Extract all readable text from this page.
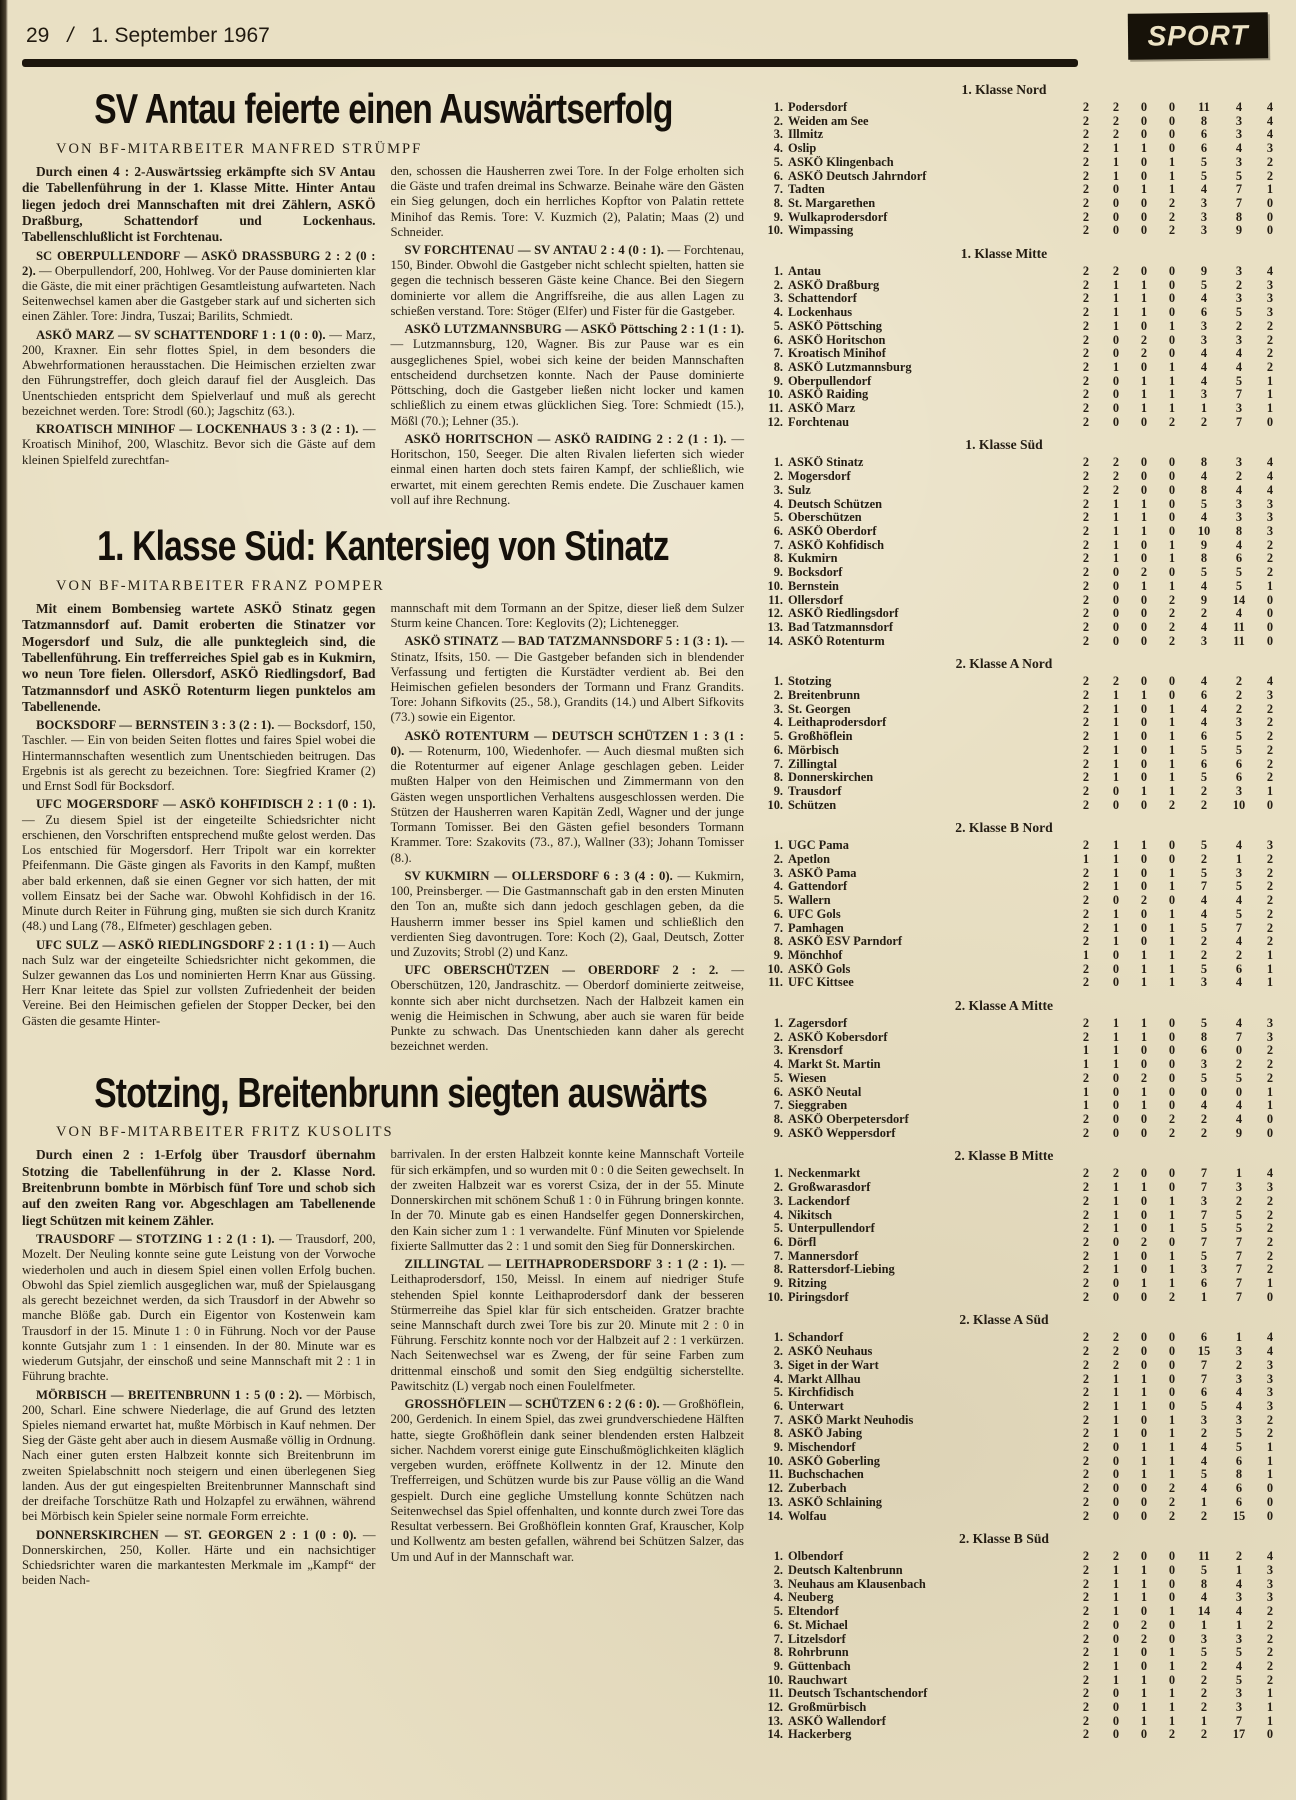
29 / 1. September 1967	SPORT
SV Antau feierte einen Auswärtserfolg
VON BF-MITARBEITER MANFRED STRÜMPF

Durch einen 4 : 2-Auswärtssieg erkämpfte sich SV Antau die Tabellenführung in der 1. Klasse Mitte. Hinter Antau liegen jedoch drei Mannschaften mit drei Zählern, ASKÖ Draßburg, Schattendorf und Lockenhaus. Tabellenschlußlicht ist Forchtenau.

SC OBERPULLENDORF — ASKÖ DRASSBURG 2 : 2 (0 : 2). — Oberpullendorf, 200, Hohlweg. Vor der Pause dominierten klar die Gäste, die mit einer prächtigen Gesamtleistung aufwarteten. Nach Seitenwechsel kamen aber die Gastgeber stark auf und sicherten sich einen Zähler. Tore: Jindra, Tuszai; Barilits, Schmiedt.

ASKÖ MARZ — SV SCHATTENDORF 1 : 1 (0 : 0). — Marz, 200, Kraxner. Ein sehr flottes Spiel, in dem besonders die Abwehrformationen herausstachen. Die Heimischen erzielten zwar den Führungstreffer, doch gleich darauf fiel der Ausgleich. Das Unentschieden entspricht dem Spielverlauf und muß als gerecht bezeichnet werden. Tore: Strodl (60.); Jagschitz (63.).

KROATISCH MINIHOF — LOCKENHAUS 3 : 3 (2 : 1). — Kroatisch Minihof, 200, Wlaschitz. Bevor sich die Gäste auf dem kleinen Spielfeld zurechtfan-

den, schossen die Hausherren zwei Tore. In der Folge erholten sich die Gäste und trafen dreimal ins Schwarze. Beinahe wäre den Gästen ein Sieg gelungen, doch ein herrliches Kopftor von Palatin rettete Minihof das Remis. Tore: V. Kuzmich (2), Palatin; Maas (2) und Schneider.

SV FORCHTENAU — SV ANTAU 2 : 4 (0 : 1). — Forchtenau, 150, Binder. Obwohl die Gastgeber nicht schlecht spielten, hatten sie gegen die technisch besseren Gäste keine Chance. Bei den Siegern dominierte vor allem die Angriffsreihe, die aus allen Lagen zu schießen verstand. Tore: Stöger (Elfer) und Fister für die Gastgeber.

ASKÖ LUTZMANNSBURG — ASKÖ Pöttsching 2 : 1 (1 : 1). — Lutzmannsburg, 120, Wagner. Bis zur Pause war es ein ausgeglichenes Spiel, wobei sich keine der beiden Mannschaften entscheidend durchsetzen konnte. Nach der Pause dominierte Pöttsching, doch die Gastgeber ließen nicht locker und kamen schließlich zu einem etwas glücklichen Sieg. Tore: Schmiedt (15.), Mößl (70.); Lehner (35.).

ASKÖ HORITSCHON — ASKÖ RAIDING 2 : 2 (1 : 1). — Horitschon, 150, Seeger. Die alten Rivalen lieferten sich wieder einmal einen harten doch stets fairen Kampf, der schließlich, wie erwartet, mit einem gerechten Remis endete. Die Zuschauer kamen voll auf ihre Rechnung.

1. Klasse Süd: Kantersieg von Stinatz
VON BF-MITARBEITER FRANZ POMPER

Mit einem Bombensieg wartete ASKÖ Stinatz gegen Tatzmannsdorf auf. Damit eroberten die Stinatzer vor Mogersdorf und Sulz, die alle punktegleich sind, die Tabellenführung. Ein trefferreiches Spiel gab es in Kukmirn, wo neun Tore fielen. Ollersdorf, ASKÖ Riedlingsdorf, Bad Tatzmannsdorf und ASKÖ Rotenturm liegen punktelos am Tabellenende.

BOCKSDORF — BERNSTEIN 3 : 3 (2 : 1). — Bocksdorf, 150, Taschler. — Ein von beiden Seiten flottes und faires Spiel wobei die Hintermannschaften wesentlich zum Unentschieden beitrugen. Das Ergebnis ist als gerecht zu bezeichnen. Tore: Siegfried Kramer (2) und Ernst Sodl für Bocksdorf.

UFC MOGERSDORF — ASKÖ KOHFIDISCH 2 : 1 (0 : 1). — Zu diesem Spiel ist der eingeteilte Schiedsrichter nicht erschienen, den Vorschriften entsprechend mußte gelost werden. Das Los entschied für Mogersdorf. Herr Tripolt war ein korrekter Pfeifenmann. Die Gäste gingen als Favorits in den Kampf, mußten aber bald erkennen, daß sie einen Gegner vor sich hatten, der mit vollem Einsatz bei der Sache war. Obwohl Kohfidisch in der 16. Minute durch Reiter in Führung ging, mußten sie sich durch Kranitz (48.) und Lang (78., Elfmeter) geschlagen geben.

UFC SULZ — ASKÖ RIEDLINGSDORF 2 : 1 (1 : 1) — Auch nach Sulz war der eingeteilte Schiedsrichter nicht gekommen, die Sulzer gewannen das Los und nominierten Herrn Knar aus Güssing. Herr Knar leitete das Spiel zur vollsten Zufriedenheit der beiden Vereine. Bei den Heimischen gefielen der Stopper Decker, bei den Gästen die gesamte Hinter-

mannschaft mit dem Tormann an der Spitze, dieser ließ dem Sulzer Sturm keine Chancen. Tore: Keglovits (2); Lichtenegger.

ASKÖ STINATZ — BAD TATZMANNSDORF 5 : 1 (3 : 1). — Stinatz, Ifsits, 150. — Die Gastgeber befanden sich in blendender Verfassung und fertigten die Kurstädter verdient ab. Bei den Heimischen gefielen besonders der Tormann und Franz Grandits. Tore: Johann Sifkovits (25., 58.), Grandits (14.) und Albert Sifkovits (73.) sowie ein Eigentor.

ASKÖ ROTENTURM — DEUTSCH SCHÜTZEN 1 : 3 (1 : 0). — Rotenurm, 100, Wiedenhofer. — Auch diesmal mußten sich die Rotenturmer auf eigener Anlage geschlagen geben. Leider mußten Halper von den Heimischen und Zimmermann von den Gästen wegen unsportlichen Verhaltens ausgeschlossen werden. Die Stützen der Hausherren waren Kapitän Zedl, Wagner und der junge Tormann Tomisser. Bei den Gästen gefiel besonders Tormann Krammer. Tore: Szakovits (73., 87.), Wallner (33); Johann Tomisser (8.).

SV KUKMIRN — OLLERSDORF 6 : 3 (4 : 0). — Kukmirn, 100, Preinsberger. — Die Gastmannschaft gab in den ersten Minuten den Ton an, mußte sich dann jedoch geschlagen geben, da die Hausherrn immer besser ins Spiel kamen und schließlich den verdienten Sieg davontrugen. Tore: Koch (2), Gaal, Deutsch, Zotter und Zuzovits; Strobl (2) und Kanz.

UFC OBERSCHÜTZEN — OBERDORF 2 : 2. — Oberschützen, 120, Jandraschitz. — Oberdorf dominierte zeitweise, konnte sich aber nicht durchsetzen. Nach der Halbzeit kamen ein wenig die Heimischen in Schwung, aber auch sie waren für beide Punkte zu schwach. Das Unentschieden kann daher als gerecht bezeichnet werden.

Stotzing, Breitenbrunn siegten auswärts
VON BF-MITARBEITER FRITZ KUSOLITS

Durch einen 2 : 1-Erfolg über Trausdorf übernahm Stotzing die Tabellenführung in der 2. Klasse Nord. Breitenbrunn bombte in Mörbisch fünf Tore und schob sich auf den zweiten Rang vor. Abgeschlagen am Tabellenende liegt Schützen mit keinem Zähler.

TRAUSDORF — STOTZING 1 : 2 (1 : 1). — Trausdorf, 200, Mozelt. Der Neuling konnte seine gute Leistung von der Vorwoche wiederholen und auch in diesem Spiel einen vollen Erfolg buchen. Obwohl das Spiel ziemlich ausgeglichen war, muß der Spielausgang als gerecht bezeichnet werden, da sich Trausdorf in der Abwehr so manche Blöße gab. Durch ein Eigentor von Kostenwein kam Trausdorf in der 15. Minute 1 : 0 in Führung. Noch vor der Pause konnte Gutsjahr zum 1 : 1 einsenden. In der 80. Minute war es wiederum Gutsjahr, der einschoß und seine Mannschaft mit 2 : 1 in Führung brachte.

MÖRBISCH — BREITENBRUNN 1 : 5 (0 : 2). — Mörbisch, 200, Scharl. Eine schwere Niederlage, die auf Grund des letzten Spieles niemand erwartet hat, mußte Mörbisch in Kauf nehmen. Der Sieg der Gäste geht aber auch in diesem Ausmaße völlig in Ordnung. Nach einer guten ersten Halbzeit konnte sich Breitenbrunn im zweiten Spielabschnitt noch steigern und einen überlegenen Sieg landen. Aus der gut eingespielten Breitenbrunner Mannschaft sind der dreifache Torschütze Rath und Holzapfel zu erwähnen, während bei Mörbisch kein Spieler seine normale Form erreichte.

DONNERSKIRCHEN — ST. GEORGEN 2 : 1 (0 : 0). — Donnerskirchen, 250, Koller. Härte und ein nachsichtiger Schiedsrichter waren die markantesten Merkmale im „Kampf“ der beiden Nach-

barrivalen. In der ersten Halbzeit konnte keine Mannschaft Vorteile für sich erkämpfen, und so wurden mit 0 : 0 die Seiten gewechselt. In der zweiten Halbzeit war es vorerst Csiza, der in der 55. Minute Donnerskirchen mit schönem Schuß 1 : 0 in Führung bringen konnte. In der 70. Minute gab es einen Handselfer gegen Donnerskirchen, den Kain sicher zum 1 : 1 verwandelte. Fünf Minuten vor Spielende fixierte Sallmutter das 2 : 1 und somit den Sieg für Donnerskirchen.

ZILLINGTAL — LEITHAPRODERSDORF 3 : 1 (2 : 1). — Leithaprodersdorf, 150, Meissl. In einem auf niedriger Stufe stehenden Spiel konnte Leithaprodersdorf dank der besseren Stürmerreihe das Spiel klar für sich entscheiden. Gratzer brachte seine Mannschaft durch zwei Tore bis zur 20. Minute mit 2 : 0 in Führung. Ferschitz konnte noch vor der Halbzeit auf 2 : 1 verkürzen. Nach Seitenwechsel war es Zweng, der für seine Farben zum drittenmal einschoß und somit den Sieg endgültig sicherstellte. Pawitschitz (L) vergab noch einen Foulelfmeter.

GROSSHÖFLEIN — SCHÜTZEN 6 : 2 (6 : 0). — Großhöflein, 200, Gerdenich. In einem Spiel, das zwei grundverschiedene Hälften hatte, siegte Großhöflein dank seiner blendenden ersten Halbzeit sicher. Nachdem vorerst einige gute Einschußmöglichkeiten kläglich vergeben wurden, eröffnete Kollwentz in der 12. Minute den Trefferreigen, und Schützen wurde bis zur Pause völlig an die Wand gespielt. Durch eine gegliche Umstellung konnte Schützen nach Seitenwechsel das Spiel offenhalten, und konnte durch zwei Tore das Resultat verbessern. Bei Großhöflein konnten Graf, Krauscher, Kolp und Kollwentz am besten gefallen, während bei Schützen Salzer, das Um und Auf in der Mannschaft war.

1. Klasse Nord
1. Podersdorf	2	2	0	0	11	4	4
2. Weiden am See	2	2	0	0	8	3	4
3. Illmitz	2	2	0	0	6	3	4
4. Oslip	2	1	1	0	6	4	3
5. ASKÖ Klingenbach	2	1	0	1	5	3	2
6. ASKÖ Deutsch Jahrndorf	2	1	0	1	5	5	2
7. Tadten	2	0	1	1	4	7	1
8. St. Margarethen	2	0	0	2	3	7	0
9. Wulkaprodersdorf	2	0	0	2	3	8	0
10. Wimpassing	2	0	0	2	3	9	0
1. Klasse Mitte
1. Antau	2	2	0	0	9	3	4
2. ASKÖ Draßburg	2	1	1	0	5	2	3
3. Schattendorf	2	1	1	0	4	3	3
4. Lockenhaus	2	1	1	0	6	5	3
5. ASKÖ Pöttsching	2	1	0	1	3	2	2
6. ASKÖ Horitschon	2	0	2	0	3	3	2
7. Kroatisch Minihof	2	0	2	0	4	4	2
8. ASKÖ Lutzmannsburg	2	1	0	1	4	4	2
9. Oberpullendorf	2	0	1	1	4	5	1
10. ASKÖ Raiding	2	0	1	1	3	7	1
11. ASKÖ Marz	2	0	1	1	1	3	1
12. Forchtenau	2	0	0	2	2	7	0
1. Klasse Süd
1. ASKÖ Stinatz	2	2	0	0	8	3	4
2. Mogersdorf	2	2	0	0	4	2	4
3. Sulz	2	2	0	0	8	4	4
4. Deutsch Schützen	2	1	1	0	5	3	3
5. Oberschützen	2	1	1	0	4	3	3
6. ASKÖ Oberdorf	2	1	1	0	10	8	3
7. ASKÖ Kohfidisch	2	1	0	1	9	4	2
8. Kukmirn	2	1	0	1	8	6	2
9. Bocksdorf	2	0	2	0	5	5	2
10. Bernstein	2	0	1	1	4	5	1
11. Ollersdorf	2	0	0	2	9	14	0
12. ASKÖ Riedlingsdorf	2	0	0	2	2	4	0
13. Bad Tatzmannsdorf	2	0	0	2	4	11	0
14. ASKÖ Rotenturm	2	0	0	2	3	11	0
2. Klasse A Nord
1. Stotzing	2	2	0	0	4	2	4
2. Breitenbrunn	2	1	1	0	6	2	3
3. St. Georgen	2	1	0	1	4	2	2
4. Leithaprodersdorf	2	1	0	1	4	3	2
5. Großhöflein	2	1	0	1	6	5	2
6. Mörbisch	2	1	0	1	5	5	2
7. Zillingtal	2	1	0	1	6	6	2
8. Donnerskirchen	2	1	0	1	5	6	2
9. Trausdorf	2	0	1	1	2	3	1
10. Schützen	2	0	0	2	2	10	0
2. Klasse B Nord
1. UGC Pama	2	1	1	0	5	4	3
2. Apetlon	1	1	0	0	2	1	2
3. ASKÖ Pama	2	1	0	1	5	3	2
4. Gattendorf	2	1	0	1	7	5	2
5. Wallern	2	0	2	0	4	4	2
6. UFC Gols	2	1	0	1	4	5	2
7. Pamhagen	2	1	0	1	5	7	2
8. ASKÖ ESV Parndorf	2	1	0	1	2	4	2
9. Mönchhof	1	0	1	1	2	2	1
10. ASKÖ Gols	2	0	1	1	5	6	1
11. UFC Kittsee	2	0	1	1	3	4	1
2. Klasse A Mitte
1. Zagersdorf	2	1	1	0	5	4	3
2. ASKÖ Kobersdorf	2	1	1	0	8	7	3
3. Krensdorf	1	1	0	0	6	0	2
4. Markt St. Martin	1	1	0	0	3	2	2
5. Wiesen	2	0	2	0	5	5	2
6. ASKÖ Neutal	1	0	1	0	0	0	1
7. Sieggraben	1	0	1	0	4	4	1
8. ASKÖ Oberpetersdorf	2	0	0	2	2	4	0
9. ASKÖ Weppersdorf	2	0	0	2	2	9	0
2. Klasse B Mitte
1. Neckenmarkt	2	2	0	0	7	1	4
2. Großwarasdorf	2	1	1	0	7	3	3
3. Lackendorf	2	1	0	1	3	2	2
4. Nikitsch	2	1	0	1	7	5	2
5. Unterpullendorf	2	1	0	1	5	5	2
6. Dörfl	2	0	2	0	7	7	2
7. Mannersdorf	2	1	0	1	5	7	2
8. Rattersdorf-Liebing	2	1	0	1	3	7	2
9. Ritzing	2	0	1	1	6	7	1
10. Piringsdorf	2	0	0	2	1	7	0
2. Klasse A Süd
1. Schandorf	2	2	0	0	6	1	4
2. ASKÖ Neuhaus	2	2	0	0	15	3	4
3. Siget in der Wart	2	2	0	0	7	2	3
4. Markt Allhau	2	1	1	0	7	3	3
5. Kirchfidisch	2	1	1	0	6	4	3
6. Unterwart	2	1	1	0	5	4	3
7. ASKÖ Markt Neuhodis	2	1	0	1	3	3	2
8. ASKÖ Jabing	2	1	0	1	2	5	2
9. Mischendorf	2	0	1	1	4	5	1
10. ASKÖ Goberling	2	0	1	1	4	6	1
11. Buchschachen	2	0	1	1	5	8	1
12. Zuberbach	2	0	0	2	4	6	0
13. ASKÖ Schlaining	2	0	0	2	1	6	0
14. Wolfau	2	0	0	2	2	15	0
2. Klasse B Süd
1. Olbendorf	2	2	0	0	11	2	4
2. Deutsch Kaltenbrunn	2	1	1	0	5	1	3
3. Neuhaus am Klausenbach	2	1	1	0	8	4	3
4. Neuberg	2	1	1	0	4	3	3
5. Eltendorf	2	1	0	1	14	4	2
6. St. Michael	2	0	2	0	1	1	2
7. Litzelsdorf	2	0	2	0	3	3	2
8. Rohrbrunn	2	1	0	1	5	5	2
9. Güttenbach	2	1	0	1	2	4	2
10. Rauchwart	2	1	1	0	2	5	2
11. Deutsch Tschantschendorf	2	0	1	1	2	3	1
12. Großmürbisch	2	0	1	1	2	3	1
13. ASKÖ Wallendorf	2	0	1	1	1	7	1
14. Hackerberg	2	0	0	2	2	17	0
